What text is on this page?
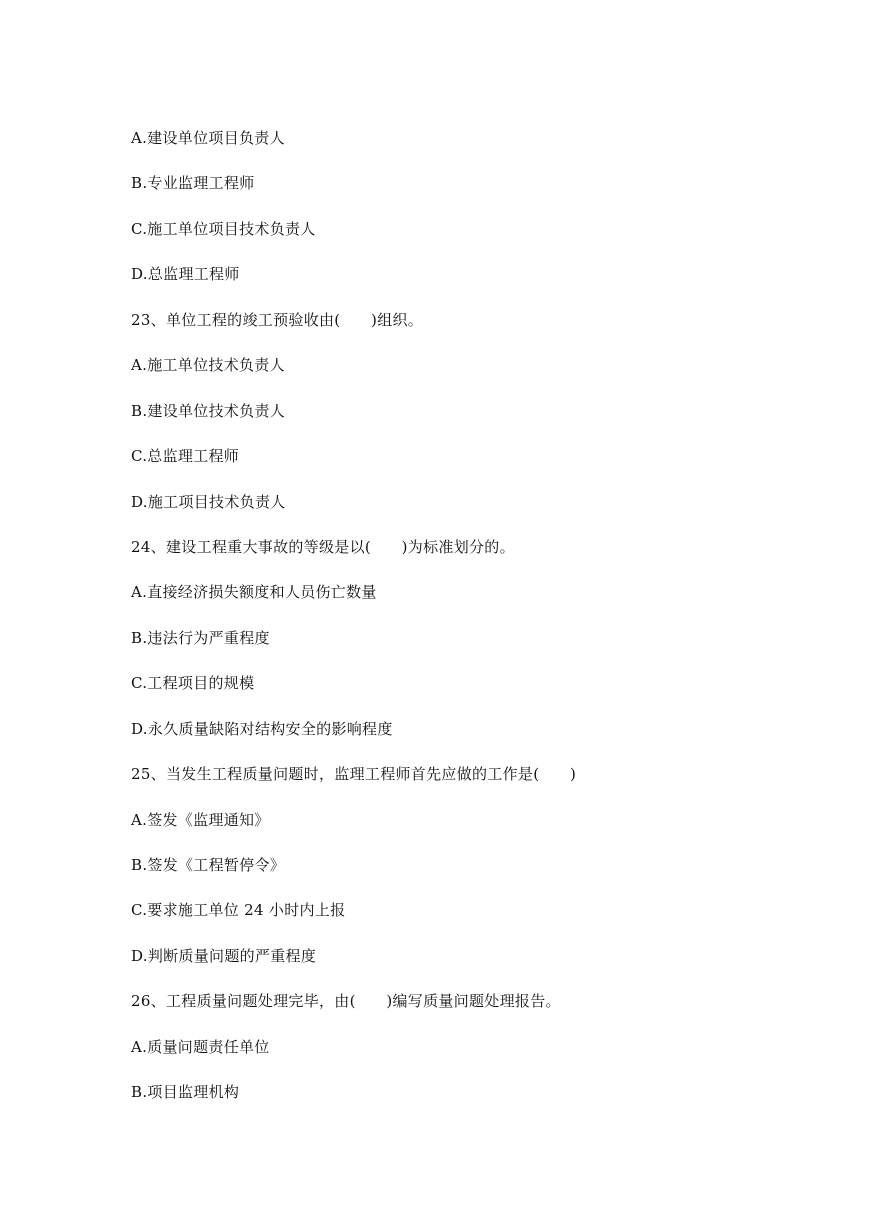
A.建设单位项目负责人
B.专业监理工程师
C.施工单位项目技术负责人
D.总监理工程师
23、单位工程的竣工预验收由(　　)组织。
A.施工单位技术负责人
B.建设单位技术负责人
C.总监理工程师
D.施工项目技术负责人
24、建设工程重大事故的等级是以(　　)为标准划分的。
A.直接经济损失额度和人员伤亡数量
B.违法行为严重程度
C.工程项目的规模
D.永久质量缺陷对结构安全的影响程度
25、当发生工程质量问题时，监理工程师首先应做的工作是(　　)
A.签发《监理通知》
B.签发《工程暂停令》
C.要求施工单位 24 小时内上报
D.判断质量问题的严重程度
26、工程质量问题处理完毕，由(　　)编写质量问题处理报告。
A.质量问题责任单位
B.项目监理机构
